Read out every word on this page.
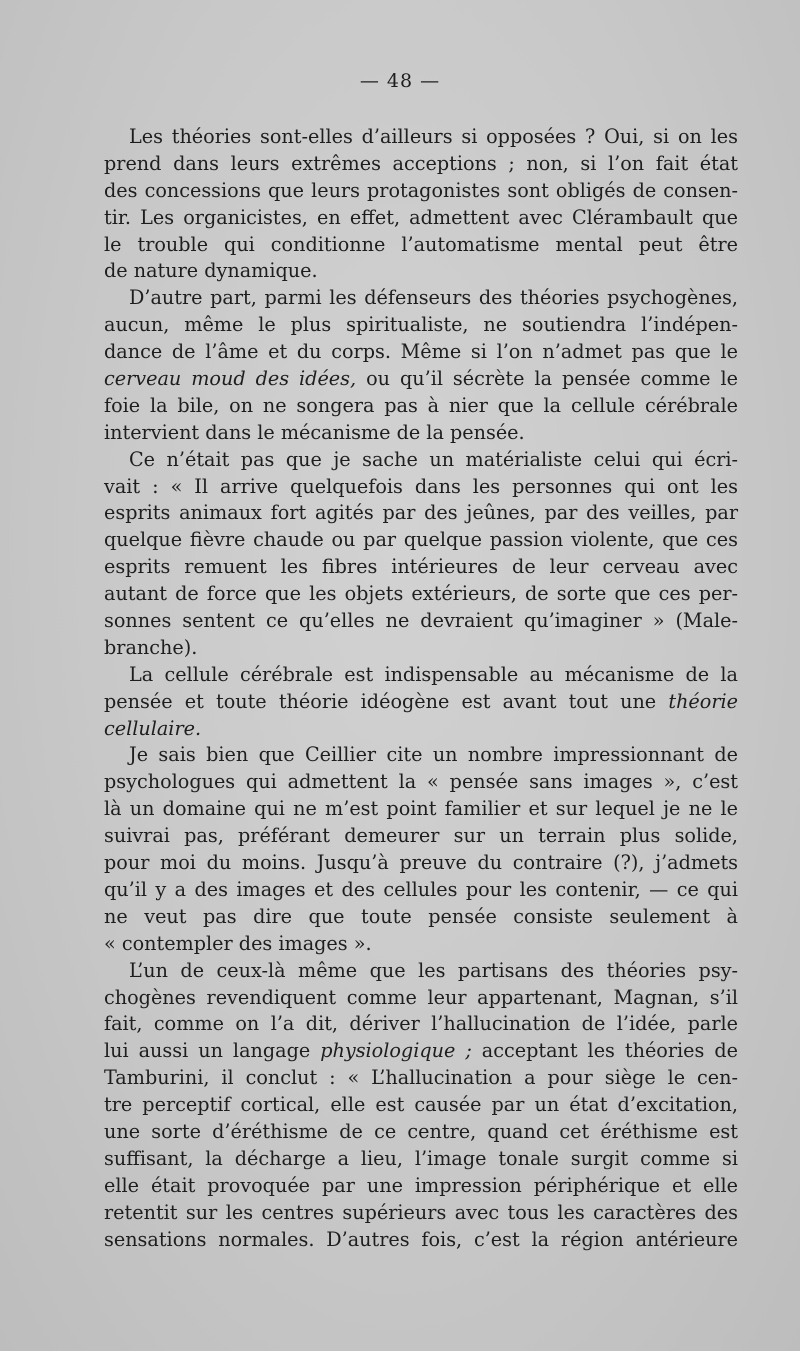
— 48 —
Les théories sont-elles d’ailleurs si opposées ? Oui, si on les
prend dans leurs extrêmes acceptions ; non, si l’on fait état
des concessions que leurs protagonistes sont obligés de consen-
tir. Les organicistes, en effet, admettent avec Clérambault que
le trouble qui conditionne l’automatisme mental peut être
de nature dynamique.
D’autre part, parmi les défenseurs des théories psychogènes,
aucun, même le plus spiritualiste, ne soutiendra l’indépen-
dance de l’âme et du corps. Même si l’on n’admet pas que le
cerveau moud des idées, ou qu’il sécrète la pensée comme le
foie la bile, on ne songera pas à nier que la cellule cérébrale
intervient dans le mécanisme de la pensée.
Ce n’était pas que je sache un matérialiste celui qui écri-
vait : « Il arrive quelquefois dans les personnes qui ont les
esprits animaux fort agités par des jeûnes, par des veilles, par
quelque fièvre chaude ou par quelque passion violente, que ces
esprits remuent les fibres intérieures de leur cerveau avec
autant de force que les objets extérieurs, de sorte que ces per-
sonnes sentent ce qu’elles ne devraient qu’imaginer » (Male-
branche).
La cellule cérébrale est indispensable au mécanisme de la
pensée et toute théorie idéogène est avant tout une théorie
cellulaire.
Je sais bien que Ceillier cite un nombre impressionnant de
psychologues qui admettent la « pensée sans images », c’est
là un domaine qui ne m’est point familier et sur lequel je ne le
suivrai pas, préférant demeurer sur un terrain plus solide,
pour moi du moins. Jusqu’à preuve du contraire (?), j’admets
qu’il y a des images et des cellules pour les contenir, — ce qui
ne veut pas dire que toute pensée consiste seulement à
« contempler des images ».
L’un de ceux-là même que les partisans des théories psy-
chogènes revendiquent comme leur appartenant, Magnan, s’il
fait, comme on l’a dit, dériver l’hallucination de l’idée, parle
lui aussi un langage physiologique ; acceptant les théories de
Tamburini, il conclut : « L’hallucination a pour siège le cen-
tre perceptif cortical, elle est causée par un état d’excitation,
une sorte d’éréthisme de ce centre, quand cet éréthisme est
suffisant, la décharge a lieu, l’image tonale surgit comme si
elle était provoquée par une impression périphérique et elle
retentit sur les centres supérieurs avec tous les caractères des
sensations normales. D’autres fois, c’est la région antérieure
